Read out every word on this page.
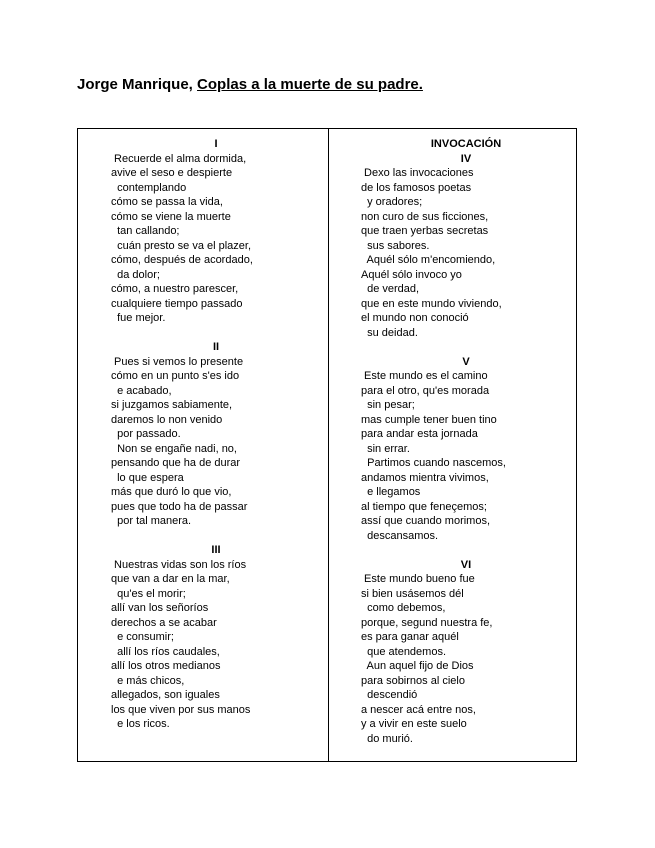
Jorge Manrique, Coplas a la muerte de su padre.
I
Recuerde el alma dormida,
avive el seso e despierte
contemplando
cómo se passa la vida,
cómo se viene la muerte
tan callando;
cuán presto se va el plazer,
cómo, después de acordado,
da dolor;
cómo, a nuestro parescer,
cualquiere tiempo passado
fue mejor.
II
Pues si vemos lo presente
cómo en un punto s'es ido
e acabado,
si juzgamos sabiamente,
daremos lo non venido
por passado.
Non se engañe nadi, no,
pensando que ha de durar
lo que espera
más que duró lo que vio,
pues que todo ha de passar
por tal manera.
III
Nuestras vidas son los ríos
que van a dar en la mar,
qu'es el morir;
allí van los señoríos
derechos a se acabar
e consumir;
allí los ríos caudales,
allí los otros medianos
e más chicos,
allegados, son iguales
los que viven por sus manos
e los ricos.
INVOCACIÓN
IV
Dexo las invocaciones
de los famosos poetas
y oradores;
non curo de sus ficciones,
que traen yerbas secretas
sus sabores.
Aquél sólo m'encomiendo,
Aquél sólo invoco yo
de verdad,
que en este mundo viviendo,
el mundo non conoció
su deidad.
V
Este mundo es el camino
para el otro, qu'es morada
sin pesar;
mas cumple tener buen tino
para andar esta jornada
sin errar.
Partimos cuando nascemos,
andamos mientra vivimos,
e llegamos
al tiempo que feneçemos;
assí que cuando morimos,
descansamos.
VI
Este mundo bueno fue
si bien usásemos dél
como debemos,
porque, segund nuestra fe,
es para ganar aquél
que atendemos.
Aun aquel fijo de Dios
para sobirnos al cielo
descendió
a nescer acá entre nos,
y a vivir en este suelo
do murió.
